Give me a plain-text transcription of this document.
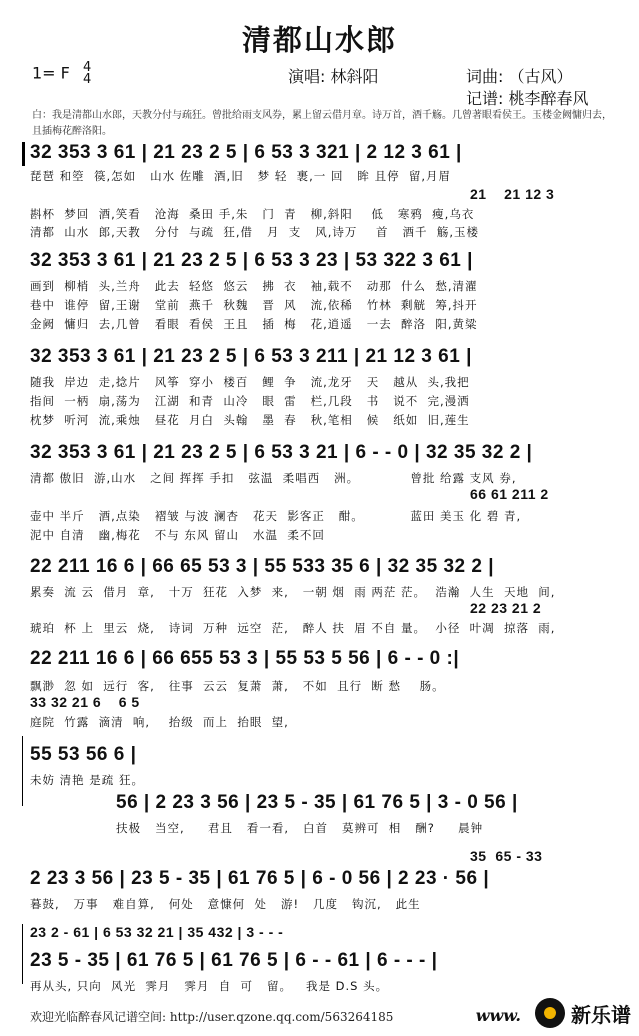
清都山水郎
1= F 4
4	演唱: 林斜阳	词曲: （古风）
记谱: 桃李醉春风
白：我是清都山水郎，天教分付与疏狂。曾批给雨支风券，累上留云借月章。诗万首，酒千觞。几曾著眼看侯王。玉楼金阙慵归去，且插梅花醉洛阳。
32 353 3 61 | 21 23 2 5 | 6 53 3 321 | 2 12 3 61 |
21    21 12 3
琵琶 和箜  篌,怎如   山水 佐雕  酒,旧   梦 轻  裹,一 回   眸 且停  留,月眉
斟杯  梦回  酒,笑看   沧海  桑田 手,朱   门  青   柳,斜阳    低   寒鸦  瘦,乌衣
清都  山水  郎,天教   分付  与疏  狂,借   月  支   风,诗万    首   酒千  觞,玉楼
32 353 3 61 | 21 23 2 5 | 6 53 3 23 | 53 322 3 61 |
画到  柳梢  头,兰舟   此去  轻悠  悠云   拂  衣   袖,载不   动那  什么  愁,清濯
巷中  谁停  留,王谢   堂前  燕千  秋魏   晋  风   流,依稀   竹林  剩觥  筹,抖开
金阙  慵归  去,几曾   看眼  看侯  王且   插  梅   花,逍遥   一去  醉洛  阳,黄粱
32 353 3 61 | 21 23 2 5 | 6 53 3 211 | 21 12 3 61 |
随我  岸边  走,捻片   风筝  穿小  楼百   鲤  争   流,龙牙   天   越从  头,我把
指间  一柄  扇,荡为   江湖  和青  山冷   眼  雷   栏,几段   书   说不  完,漫洒
枕梦  听河  流,乘烛   昼花  月白  头翰   墨  春   秋,笔相   候   纸如  旧,莲生
32 353 3 61 | 21 23 2 5 | 6 53 3 21 | 6 - - 0 | 32 35 32 2 |
清都 傲旧  游,山水   之间 挥挥 手扣   弦温  柔唱西   洲。           曾批 给露 支风 券,
66 61 211 2
壶中 半斤   酒,点染   褶皱 与波 澜杏   花天  影客正   酣。          蓝田 美玉 化 碧 青,
泥中 自清   幽,梅花   不与 东风 留山   水温  柔不回
22 211 16 6 | 66 65 53 3 | 55 533 35 6 | 32 35 32 2 |
累奏  流 云  借月  章,   十万  狂花  入梦  来,   一朝 烟  雨 两茫 茫。  浩瀚  人生  天地  间,
22 23 21 2
琥珀  杯 上  里云  烧,   诗词  万种  远空  茫,   醉人 扶  眉 不自 量。  小径  叶凋  掠落  雨,
22 211 16 6 | 66 655 53 3 | 55 53 5 56 | 6 - - 0 :|
飘渺  忽 如  远行  客,   往事  云云  复萧  萧,   不如  且行  断 愁    肠。
33 32 21 6    6 5
庭院  竹露  滴清  响,    抬级  而上  抬眼  望,
55 53 56 6 |
未妨 清艳 是疏 狂。
56 | 2 23 3 56 | 23 5 - 35 | 61 76 5 | 3 - 0 56 |
扶极   当空,     君且   看一看,   白首   莫辨可  相   酬?     晨钟
35  65 - 33
2 23 3 56 | 23 5 - 35 | 61 76 5 | 6 - 0 56 | 2 23 · 56 |
暮鼓,   万事   难自算,   何处   意慷何  处   游!   几度   钩沉,   此生
23 2 - 61 | 6 53 32 21 | 35 432 | 3 - - -
23 5 - 35 | 61 76 5 | 61 76 5 | 6 - - 61 | 6 - - - |
再从头, 只向  风光  霁月   霁月  自  可   留。   我是 D.S 头。
欢迎光临醉春风记谱空间: http://user.qzone.qq.com/563264185	www.	新乐谱
